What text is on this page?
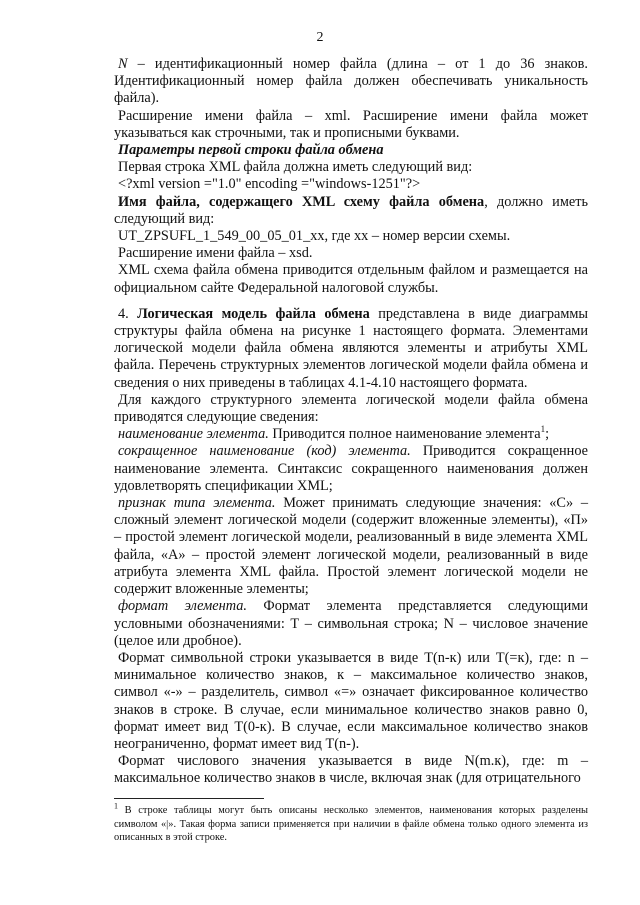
2

N – идентификационный номер файла (длина – от 1 до 36 знаков. Идентификационный номер файла должен обеспечивать уникальность файла).

Расширение имени файла – xml. Расширение имени файла может указываться как строчными, так и прописными буквами.

Параметры первой строки файла обмена

Первая строка XML файла должна иметь следующий вид:

<?xml version ="1.0" encoding ="windows-1251"?>

Имя файла, содержащего XML схему файла обмена, должно иметь следующий вид:

UT_ZPSUFL_1_549_00_05_01_xx, где хх – номер версии схемы.

Расширение имени файла – xsd.

XML схема файла обмена приводится отдельным файлом и размещается на официальном сайте Федеральной налоговой службы.

4. Логическая модель файла обмена представлена в виде диаграммы структуры файла обмена на рисунке 1 настоящего формата. Элементами логической модели файла обмена являются элементы и атрибуты XML файла. Перечень структурных элементов логической модели файла обмена и сведения о них приведены в таблицах 4.1-4.10 настоящего формата.

Для каждого структурного элемента логической модели файла обмена приводятся следующие сведения:

наименование элемента. Приводится полное наименование элемента$^1$;

сокращенное наименование (код) элемента. Приводится сокращенное наименование элемента. Синтаксис сокращенного наименования должен удовлетворять спецификации XML;

признак типа элемента. Может принимать следующие значения: «С» – сложный элемент логической модели (содержит вложенные элементы), «П» – простой элемент логической модели, реализованный в виде элемента XML файла, «А» – простой элемент логической модели, реализованный в виде атрибута элемента XML файла. Простой элемент логической модели не содержит вложенные элементы;

формат элемента. Формат элемента представляется следующими условными обозначениями: Т – символьная строка; N – числовое значение (целое или дробное).

Формат символьной строки указывается в виде Т(n-к) или Т(=к), где: n – минимальное количество знаков, к – максимальное количество знаков, символ «-» – разделитель, символ «=» означает фиксированное количество знаков в строке. В случае, если минимальное количество знаков равно 0, формат имеет вид Т(0-к). В случае, если максимальное количество знаков неограниченно, формат имеет вид Т(n-).

Формат числового значения указывается в виде N(m.к), где: m – максимальное количество знаков в числе, включая знак (для отрицательного

$^1$ В строке таблицы могут быть описаны несколько элементов, наименования которых разделены символом «|». Такая форма записи применяется при наличии в файле обмена только одного элемента из описанных в этой строке.
